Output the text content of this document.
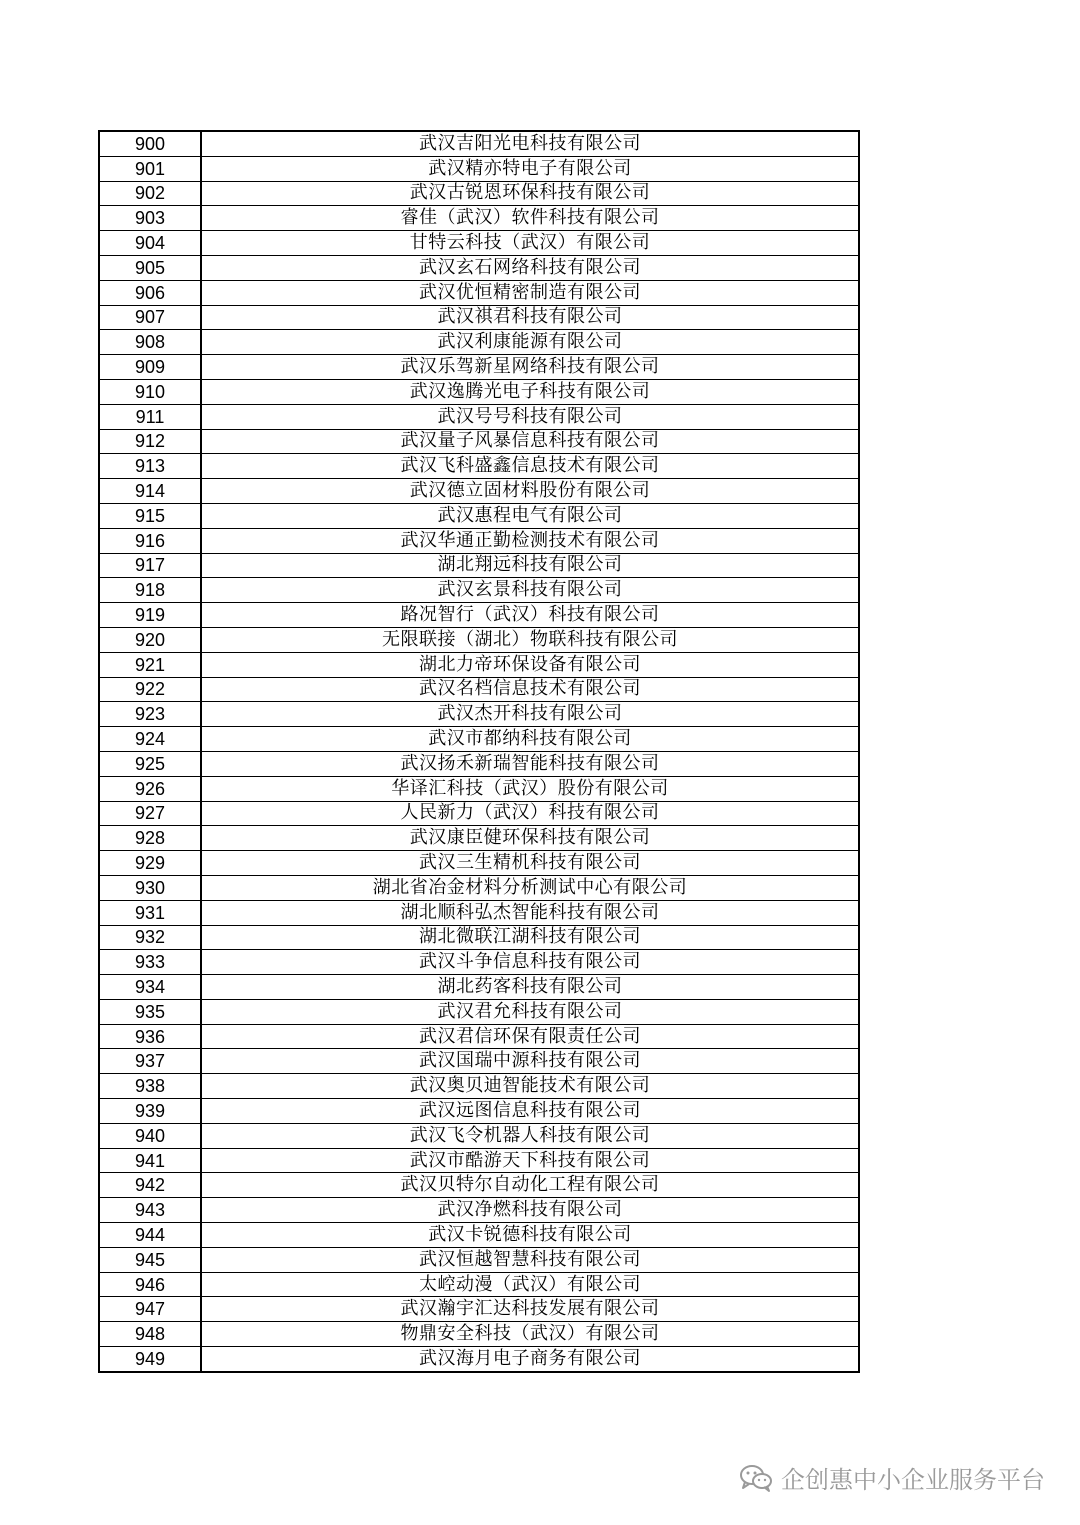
900	武汉吉阳光电科技有限公司
901	武汉精亦特电子有限公司
902	武汉古锐恩环保科技有限公司
903	睿佳（武汉）软件科技有限公司
904	甘特云科技（武汉）有限公司
905	武汉玄石网络科技有限公司
906	武汉优恒精密制造有限公司
907	武汉祺君科技有限公司
908	武汉利康能源有限公司
909	武汉乐驾新星网络科技有限公司
910	武汉逸腾光电子科技有限公司
911	武汉号号科技有限公司
912	武汉量子风暴信息科技有限公司
913	武汉飞科盛鑫信息技术有限公司
914	武汉德立固材料股份有限公司
915	武汉惠程电气有限公司
916	武汉华通正勤检测技术有限公司
917	湖北翔远科技有限公司
918	武汉玄景科技有限公司
919	路况智行（武汉）科技有限公司
920	无限联接（湖北）物联科技有限公司
921	湖北力帝环保设备有限公司
922	武汉名档信息技术有限公司
923	武汉杰开科技有限公司
924	武汉市都纳科技有限公司
925	武汉扬禾新瑞智能科技有限公司
926	华译汇科技（武汉）股份有限公司
927	人民新力（武汉）科技有限公司
928	武汉康臣健环保科技有限公司
929	武汉三生精机科技有限公司
930	湖北省冶金材料分析测试中心有限公司
931	湖北顺科弘杰智能科技有限公司
932	湖北微联江湖科技有限公司
933	武汉斗争信息科技有限公司
934	湖北药客科技有限公司
935	武汉君允科技有限公司
936	武汉君信环保有限责任公司
937	武汉国瑞中源科技有限公司
938	武汉奥贝迪智能技术有限公司
939	武汉远图信息科技有限公司
940	武汉飞令机器人科技有限公司
941	武汉市酷游天下科技有限公司
942	武汉贝特尔自动化工程有限公司
943	武汉净燃科技有限公司
944	武汉卡锐德科技有限公司
945	武汉恒越智慧科技有限公司
946	太崆动漫（武汉）有限公司
947	武汉瀚宇汇达科技发展有限公司
948	物鼎安全科技（武汉）有限公司
949	武汉海月电子商务有限公司
企创惠中小企业服务平台
